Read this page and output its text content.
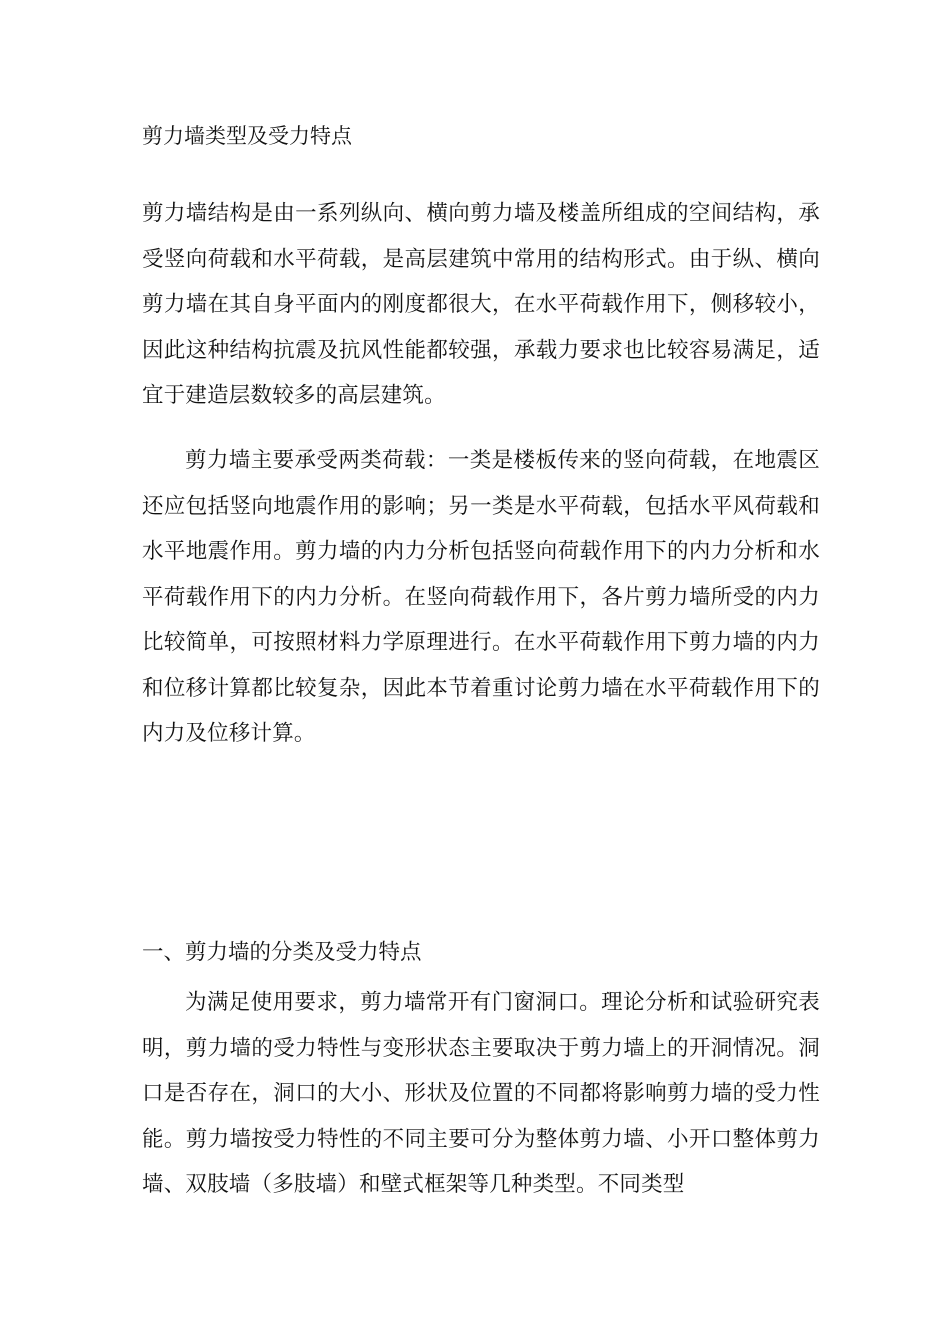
剪力墙类型及受力特点
剪力墙结构是由一系列纵向、横向剪力墙及楼盖所组成的空间结构，承受竖向荷载和水平荷载，是高层建筑中常用的结构形式。由于纵、横向剪力墙在其自身平面内的刚度都很大，在水平荷载作用下，侧移较小，因此这种结构抗震及抗风性能都较强，承载力要求也比较容易满足，适宜于建造层数较多的高层建筑。
剪力墙主要承受两类荷载：一类是楼板传来的竖向荷载，在地震区还应包括竖向地震作用的影响；另一类是水平荷载，包括水平风荷载和水平地震作用。剪力墙的内力分析包括竖向荷载作用下的内力分析和水平荷载作用下的内力分析。在竖向荷载作用下，各片剪力墙所受的内力比较简单，可按照材料力学原理进行。在水平荷载作用下剪力墙的内力和位移计算都比较复杂，因此本节着重讨论剪力墙在水平荷载作用下的内力及位移计算。
一、剪力墙的分类及受力特点
为满足使用要求，剪力墙常开有门窗洞口。理论分析和试验研究表明，剪力墙的受力特性与变形状态主要取决于剪力墙上的开洞情况。洞口是否存在，洞口的大小、形状及位置的不同都将影响剪力墙的受力性能。剪力墙按受力特性的不同主要可分为整体剪力墙、小开口整体剪力墙、双肢墙（多肢墙）和壁式框架等几种类型。不同类型
